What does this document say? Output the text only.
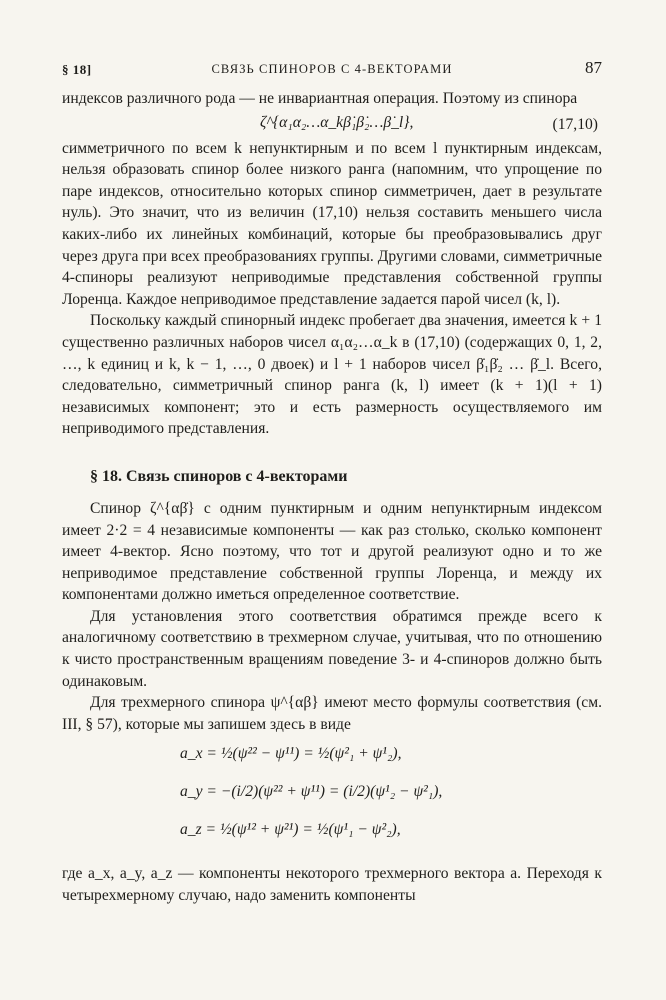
§ 18]	СВЯЗЬ СПИНОРОВ С 4-ВЕКТОРАМИ	87

индексов различного рода — не инвариантная операция. Поэтому из спинора

ζ^{α₁α₂…α_kβ̇₁β̇₂…β̇_l},	(17,10)

симметричного по всем k непунктирным и по всем l пунктирным индексам, нельзя образовать спинор более низкого ранга (напомним, что упрощение по паре индексов, относительно которых спинор симметричен, дает в результате нуль). Это значит, что из величин (17,10) нельзя составить меньшего числа каких-либо их линейных комбинаций, которые бы преобразовывались друг через друга при всех преобразованиях группы. Другими словами, симметричные 4-спиноры реализуют неприводимые представления собственной группы Лоренца. Каждое неприводимое представление задается парой чисел (k, l).

Поскольку каждый спинорный индекс пробегает два значения, имеется k + 1 существенно различных наборов чисел α₁α₂…α_k в (17,10) (содержащих 0, 1, 2, …, k единиц и k, k − 1, …, 0 двоек) и l + 1 наборов чисел β̇₁β̇₂ … β̇_l. Всего, следовательно, симметричный спинор ранга (k, l) имеет (k + 1)(l + 1) независимых компонент; это и есть размерность осуществляемого им неприводимого представления.

§ 18. Связь спиноров с 4-векторами

Спинор ζ^{αβ̇} с одним пунктирным и одним непунктирным индексом имеет 2·2 = 4 независимые компоненты — как раз столько, сколько компонент имеет 4-вектор. Ясно поэтому, что тот и другой реализуют одно и то же неприводимое представление собственной группы Лоренца, и между их компонентами должно иметься определенное соответствие.

Для установления этого соответствия обратимся прежде всего к аналогичному соответствию в трехмерном случае, учитывая, что по отношению к чисто пространственным вращениям поведение 3- и 4-спиноров должно быть одинаковым.

Для трехмерного спинора ψ^{αβ} имеют место формулы соответствия (см. III, § 57), которые мы запишем здесь в виде

a_x = ½(ψ²² − ψ¹¹) = ½(ψ²₁ + ψ¹₂),
a_y = −(i/2)(ψ²² + ψ¹¹) = (i/2)(ψ¹₂ − ψ²₁),
a_z = ½(ψ¹² + ψ²¹) = ½(ψ¹₁ − ψ²₂),

где a_x, a_y, a_z — компоненты некоторого трехмерного вектора a. Переходя к четырехмерному случаю, надо заменить компоненты
